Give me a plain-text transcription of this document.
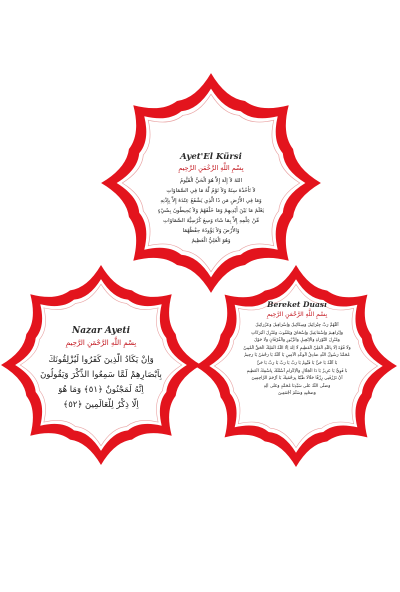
Ayet'El Kürsi
بِسْمِ اللَّهِ الرَّحْمَنِ الرَّحِيمِ
اللهُ لاَ إِلَهَ إِلاَّ هُوَ الْحَيُّ الْقَيُّومُ
لاَ تَأْخُذُهُ سِنَةٌ وَلاَ نَوْمٌ لَّهُ مَا فِي السَّمَاوَاتِ
وَمَا فِي الأَرْضِ مَن ذَا الَّذِي يَشْفَعُ عِنْدَهُ إِلاَّ بِإِذْنِهِ
يَعْلَمُ مَا بَيْنَ أَيْدِيهِمْ وَمَا خَلْفَهُمْ وَلاَ يُحِيطُونَ بِشَيْءٍ
مِّنْ عِلْمِهِ إِلاَّ بِمَا شَاء وَسِعَ كُرْسِيُّهُ السَّمَاوَاتِ
وَالأَرْضَ وَلاَ يَؤُودُهُ حِفْظُهُمَا
وَهُوَ الْعَلِيُّ الْعَظِيمُ
Nazar Ayeti
بِسْمِ اللَّهِ الرَّحْمَنِ الرَّحِيمِ
وَاِنْ يَكَادُ الَّذِينَ كَفَرُوا لَيُزْلِقُونَكَ
بِاَبْصَارِهِمْ لَمَّا سَمِعُوا الذِّكْرَ وَيَقُولُونَ
اِنَّهُ لَمَجْنُونٌ ﴿٥١﴾ وَمَا هُوَ
اِلَّا ذِكْرٌ لِلْعَالَمِينَ ﴿٥٢﴾
Bereket Duası
بِسْمِ اللَّهِ الرَّحْمَنِ الرَّحِيمِ
اَللّٰهُمَّ رَبَّ جِبْرَائِيلَ وَمِيكَائِيلَ وَاِسْرَافِيلَ وَعَزْرَائِيلَ
وَاِبْرَاهِيمَ وَاِسْمَاعِيلَ وَاِسْحَاقَ وَيَعْقُوبَ وَمُنْزِلَ الْبَرَكَاتِ
وَمُنْزِلَ التَّوْرَاةِ وَالْاِنْجِيلِ وَالزَّبُورِ وَالْفُرْقَانِ وَلَا حَوْلَ
وَلَا قُوَّةَ اِلَّا بِاللّٰهِ الْعَلِيِّ الْعَظِيمِ لَا اِلٰهَ اِلَّا اللّٰهُ الْمَلِكُ الْحَقُّ الْمُبِينُ
مُحَمَّدٌ رَسُولُ اللّٰهِ صَادِقُ الْوَعْدِ الْاَمِينِ يَا اَللّٰهُ يَا رَحْمٰنُ يَا رَحِيمُ
يَا اَللّٰهُ يَا حَيُّ يَا قَيُّومُ يَا رَبِّ يَا رَبِّ يَا رَبِّ يَا حَيُّ
يَا قَوِيُّ يَا عَزِيزُ يَا ذَا الْجَلَالِ وَالْاِكْرَامِ اَسْئَلُكَ بِاسْمِكَ الْعَظِيمِ
اَنْ تَرْزُقَنِي رِزْقًا حَلَالًا طَيِّبًا بِرَحْمَتِكَ يَا اَرْحَمَ الرَّاحِمِينَ
وَصَلَّى اللّٰهُ عَلٰى سَيِّدِنَا مُحَمَّدٍ وَعَلٰى اٰلِهِ
وَصَحْبِهِ وَسَلَّمَ اَجْمَعِينَ
